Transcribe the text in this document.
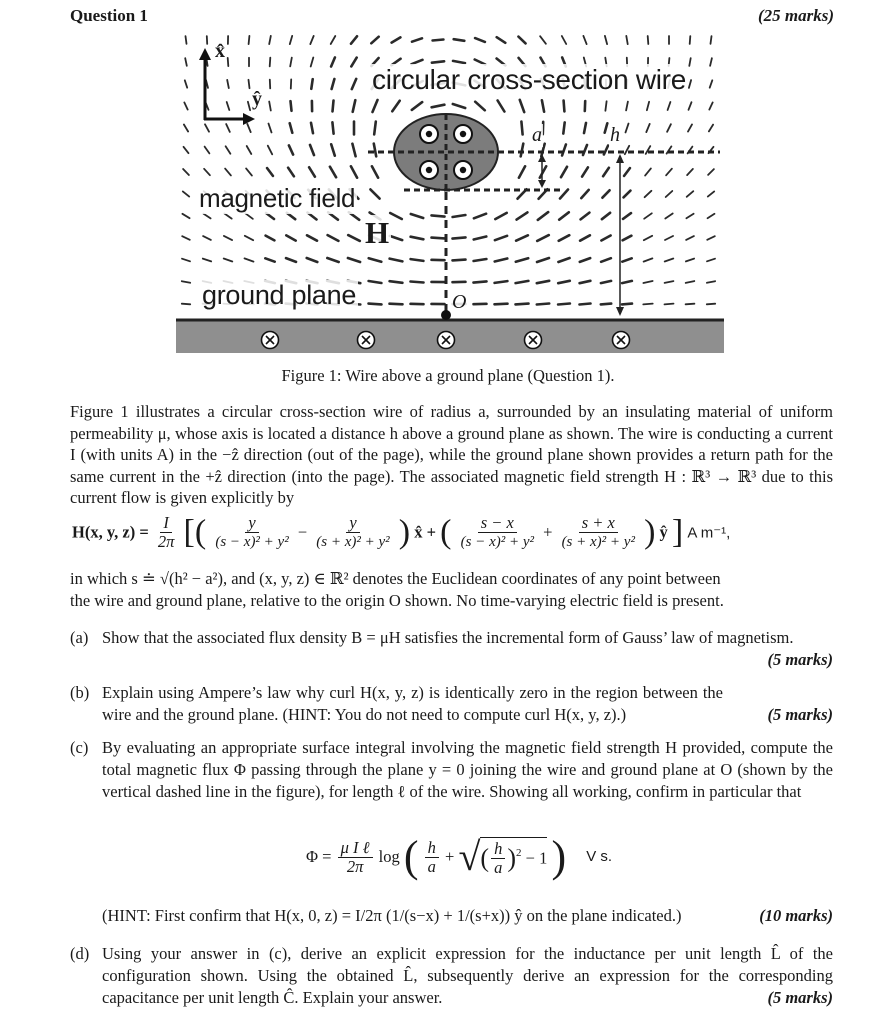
Question 1	(25 marks)
x̂
ŷ
circular cross-section wire
magnetic field
H
ground plane
a	h
O
Figure 1: Wire above a ground plane (Question 1).
Figure 1 illustrates a circular cross-section wire of radius a, surrounded by an insulating material of uniform permeability μ, whose axis is located a distance h above a ground plane as shown. The wire is conducting a current I (with units A) in the −ẑ direction (out of the page), while the ground plane shown provides a return path for the same current in the +ẑ direction (into the page). The associated magnetic field strength H : ℝ³ → ℝ³ due to this current flow is given explicitly by
H(x, y, $z) = \frac{I}{2\pi}$ [( $\frac{y}{\text{(s − x)² + y²}} - \frac{y}{\text{(s + x)² + y²}}$ ) x̂ + ( $\frac{s - x}{\text{(s − x)² + y²}} + \frac{s + x}{\text{(s + x)² + y²}}$ ) ŷ ] A m⁻¹,
in which s ≐ √(h² − a²), and (x, y, z) ∈ ℝ² denotes the Euclidean coordinates of any point between
the wire and ground plane, relative to the origin O shown. No time-varying electric field is present.
(a) Show that the associated flux density B = μH satisfies the incremental form of Gauss’ law of magnetism.
(5 marks)
(b) Explain using Ampere’s law why curl H(x, y, z) is identically zero in the region between the wire and the ground plane. (HINT: You do not need to compute curl H(x, y, z).)	(5 marks)
(c) By evaluating an appropriate surface integral involving the magnetic field strength H provided, compute the total magnetic flux Φ passing through the plane y = 0 joining the wire and ground plane at O (shown by the vertical dashed line in the figure), for length ℓ of the wire. Showing all working, confirm in particular that
$\Phi = \frac{\text{μ I ℓ}}{2\pi}$ log ( $\frac{h}{a}$ + √( $\frac{h}{a} )^2 - 1$ ) V s.
(HINT: First confirm that H(x, 0, z) = I/2π (1/(s−x) + 1/(s+x)) ŷ on the plane indicated.)	(10 marks)
(d) Using your answer in (c), derive an explicit expression for the inductance per unit length L̂ of the configuration shown. Using the obtained L̂, subsequently derive an expression for the corresponding capacitance per unit length Ĉ. Explain your answer.	(5 marks)
